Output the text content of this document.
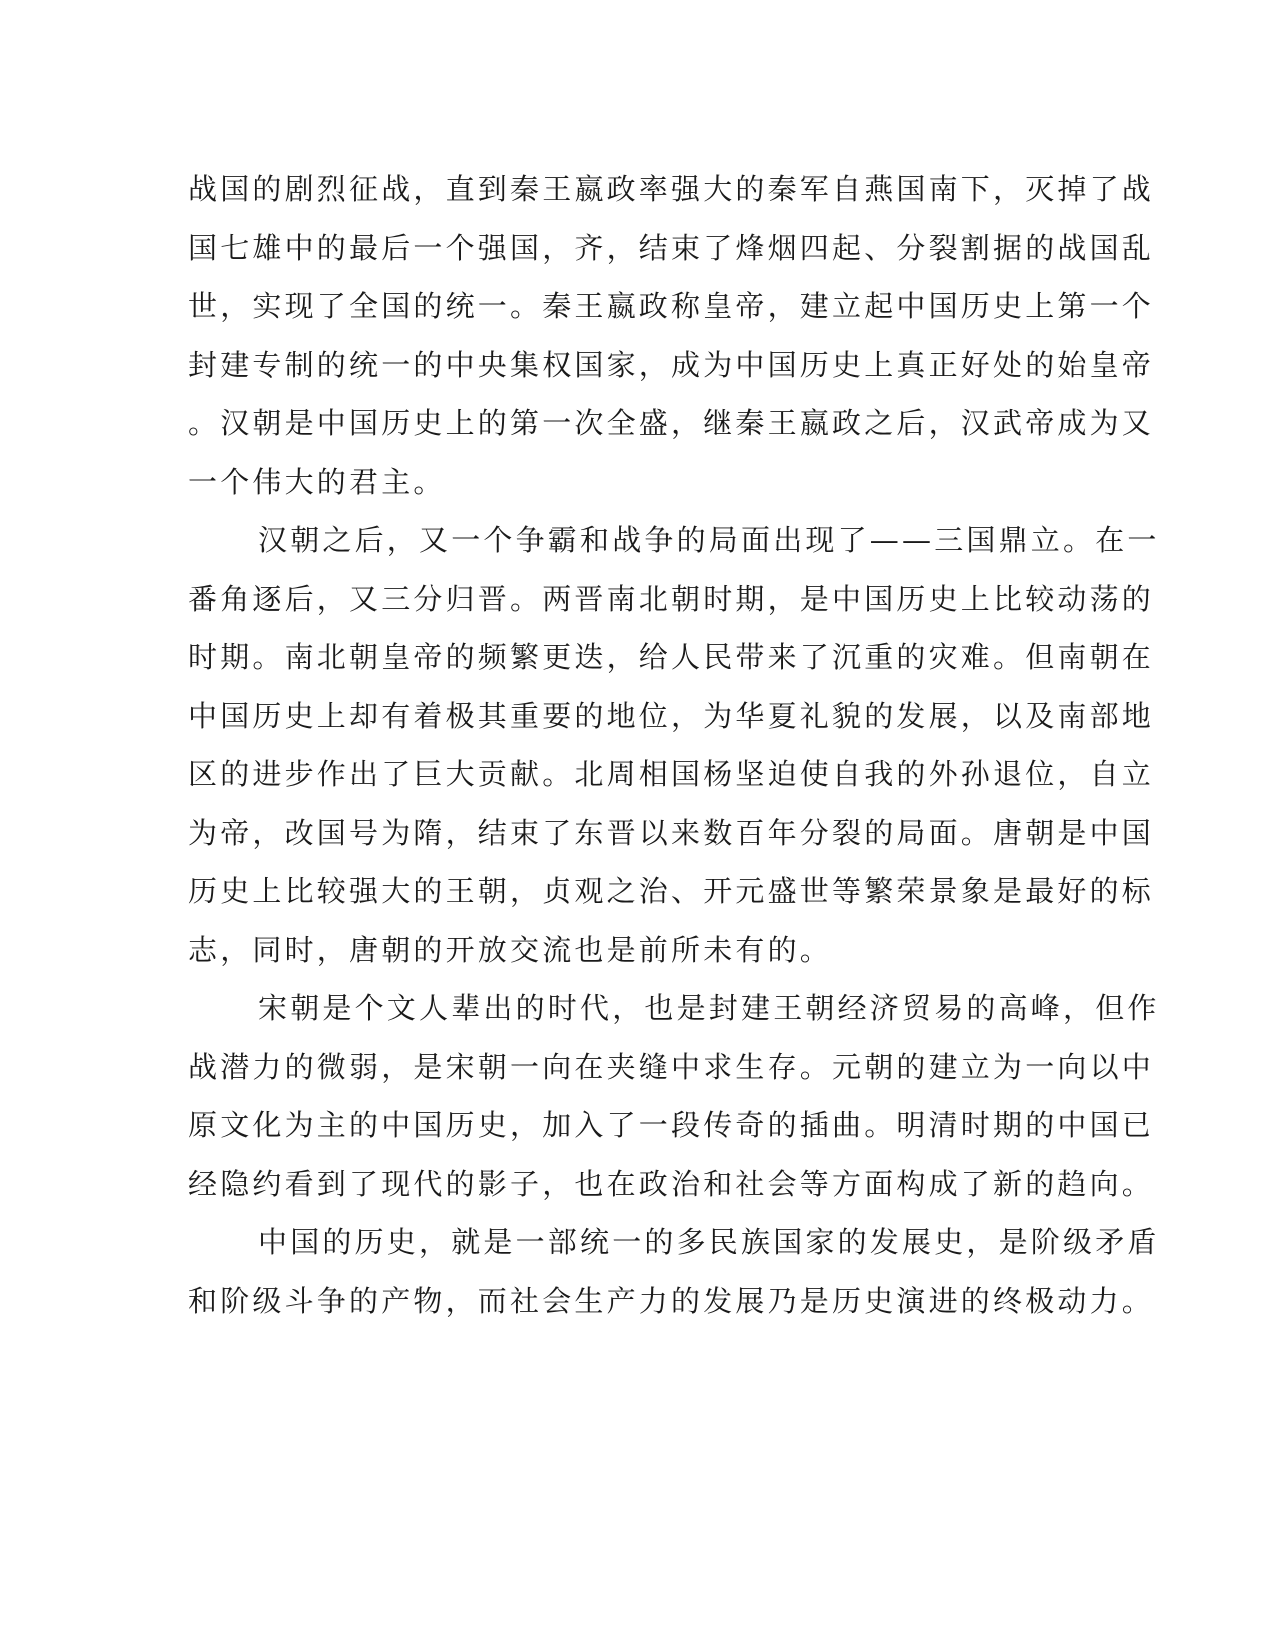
战国的剧烈征战，直到秦王嬴政率强大的秦军自燕国南下，灭掉了战
国七雄中的最后一个强国，齐，结束了烽烟四起、分裂割据的战国乱
世，实现了全国的统一。秦王嬴政称皇帝，建立起中国历史上第一个
封建专制的统一的中央集权国家，成为中国历史上真正好处的始皇帝
。汉朝是中国历史上的第一次全盛，继秦王嬴政之后，汉武帝成为又
一个伟大的君主。
汉朝之后，又一个争霸和战争的局面出现了——三国鼎立。在一
番角逐后，又三分归晋。两晋南北朝时期，是中国历史上比较动荡的
时期。南北朝皇帝的频繁更迭，给人民带来了沉重的灾难。但南朝在
中国历史上却有着极其重要的地位，为华夏礼貌的发展，以及南部地
区的进步作出了巨大贡献。北周相国杨坚迫使自我的外孙退位，自立
为帝，改国号为隋，结束了东晋以来数百年分裂的局面。唐朝是中国
历史上比较强大的王朝，贞观之治、开元盛世等繁荣景象是最好的标
志，同时，唐朝的开放交流也是前所未有的。
宋朝是个文人辈出的时代，也是封建王朝经济贸易的高峰，但作
战潜力的微弱，是宋朝一向在夹缝中求生存。元朝的建立为一向以中
原文化为主的中国历史，加入了一段传奇的插曲。明清时期的中国已
经隐约看到了现代的影子，也在政治和社会等方面构成了新的趋向。
中国的历史，就是一部统一的多民族国家的发展史，是阶级矛盾
和阶级斗争的产物，而社会生产力的发展乃是历史演进的终极动力。
